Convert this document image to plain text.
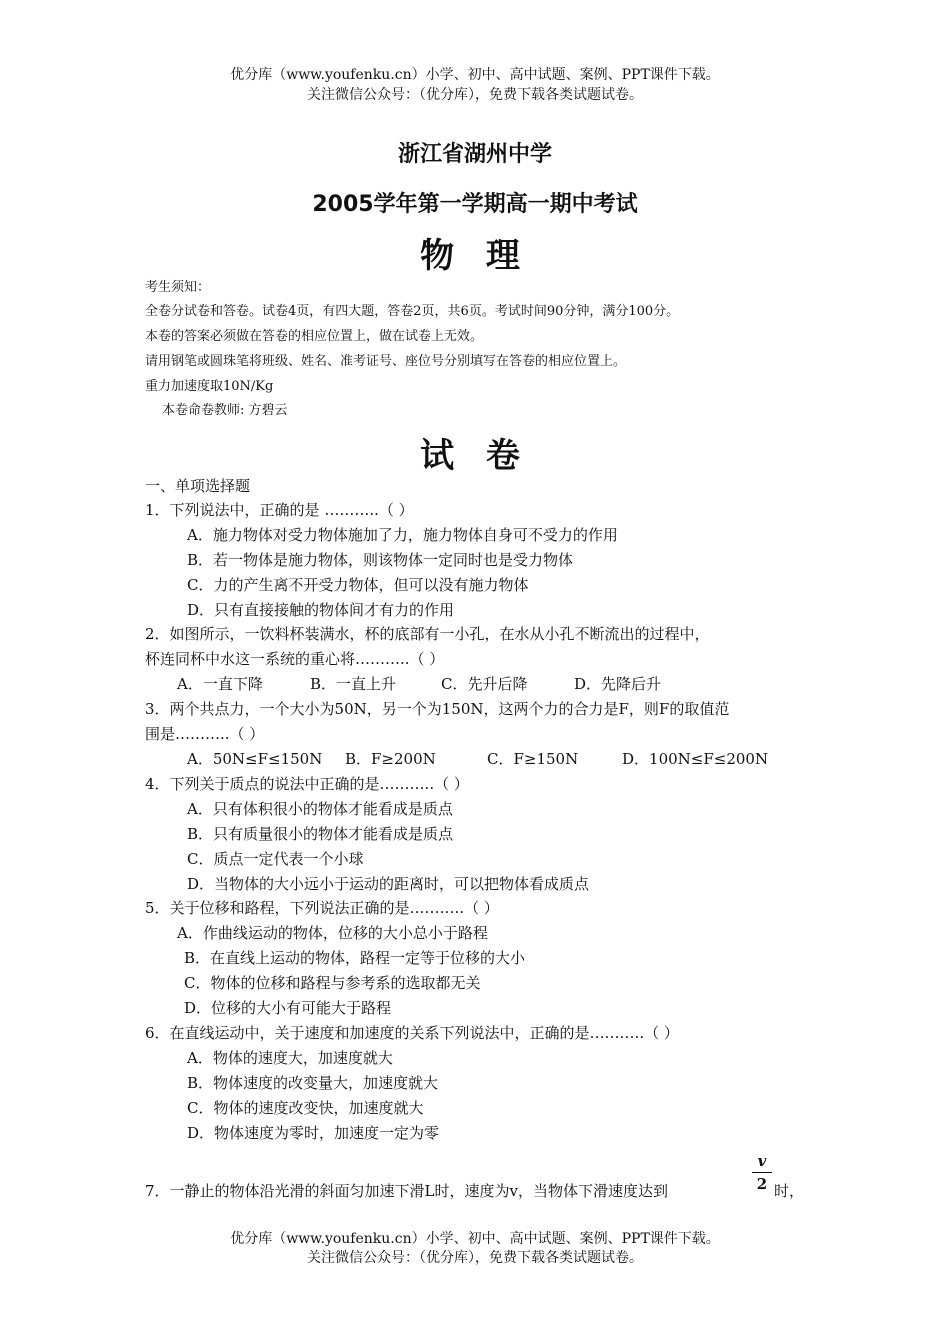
优分库（www.youfenku.cn）小学、初中、高中试题、案例、PPT课件下载。
关注微信公众号：（优分库），免费下载各类试题试卷。
浙江省湖州中学
2005学年第一学期高一期中考试
物 理
考生须知：
全卷分试卷和答卷。试卷4页，有四大题，答卷2页，共6页。考试时间90分钟，满分100分。
本卷的答案必须做在答卷的相应位置上，做在试卷上无效。
请用钢笔或圆珠笔将班级、姓名、准考证号、座位号分别填写在答卷的相应位置上。
重力加速度取10N/Kg
本卷命卷教师: 方碧云
试 卷
一、单项选择题
1．下列说法中，正确的是 ………..（ ）
A．施力物体对受力物体施加了力，施力物体自身可不受力的作用
B．若一物体是施力物体，则该物体一定同时也是受力物体
C．力的产生离不开受力物体，但可以没有施力物体
D．只有直接接触的物体间才有力的作用
2．如图所示，一饮料杯装满水，杯的底部有一小孔，在水从小孔不断流出的过程中，
杯连同杯中水这一系统的重心将………..（ ）
A．一直下降	B．一直上升	C．先升后降	D．先降后升
3．两个共点力，一个大小为50N，另一个为150N，这两个力的合力是F，则F的取值范
围是………..（ ）
A．50N≤F≤150N B．F≥200N	C．F≥150N	D．100N≤F≤200N
4．下列关于质点的说法中正确的是………..（ ）
A．只有体积很小的物体才能看成是质点
B．只有质量很小的物体才能看成是质点
C．质点一定代表一个小球
D．当物体的大小远小于运动的距离时，可以把物体看成质点
5．关于位移和路程，下列说法正确的是………..（ ）
A．作曲线运动的物体，位移的大小总小于路程
B．在直线上运动的物体，路程一定等于位移的大小
C．物体的位移和路程与参考系的选取都无关
D．位移的大小有可能大于路程
6．在直线运动中，关于速度和加速度的关系下列说法中，正确的是………..（ ）
A．物体的速度大，加速度就大
B．物体速度的改变量大，加速度就大
C．物体的速度改变快，加速度就大
D．物体速度为零时，加速度一定为零
7．一静止的物体沿光滑的斜面匀加速下滑L时，速度为v，当物体下滑速度达到	$\frac{v}{2}$ 时，
优分库（www.youfenku.cn）小学、初中、高中试题、案例、PPT课件下载。
关注微信公众号：（优分库），免费下载各类试题试卷。
